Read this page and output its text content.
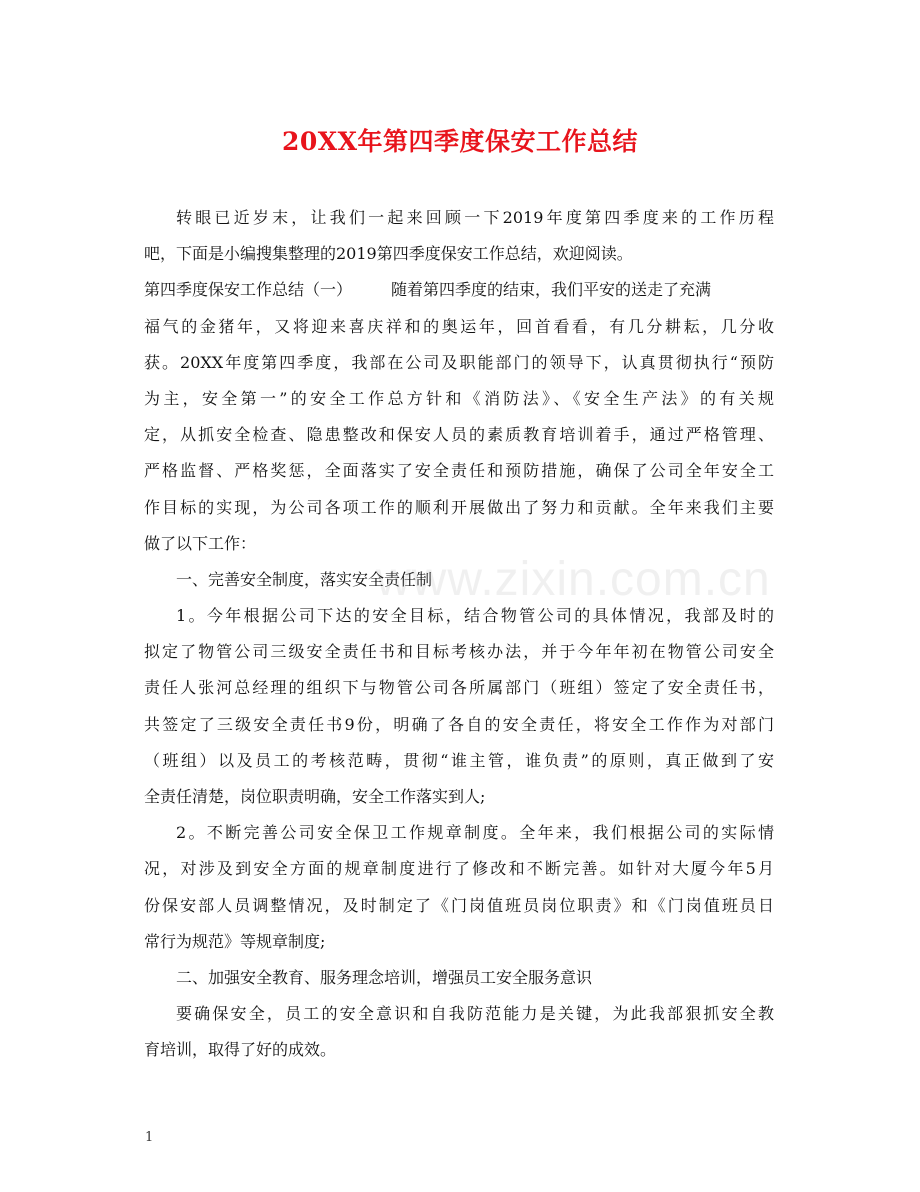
20XX年第四季度保安工作总结
转眼已近岁末，让我们一起来回顾一下2019年度第四季度来的工作历程
吧，下面是小编搜集整理的2019第四季度保安工作总结，欢迎阅读。
第四季度保安工作总结（一）	随着第四季度的结束，我们平安的送走了充满
福气的金猪年，又将迎来喜庆祥和的奥运年，回首看看，有几分耕耘，几分收
获。20XX年度第四季度，我部在公司及职能部门的领导下，认真贯彻执行“预防
为主，安全第一”的安全工作总方针和《消防法》、《安全生产法》的有关规
定，从抓安全检查、隐患整改和保安人员的素质教育培训着手，通过严格管理、
严格监督、严格奖惩，全面落实了安全责任和预防措施，确保了公司全年安全工
作目标的实现，为公司各项工作的顺利开展做出了努力和贡献。全年来我们主要
做了以下工作：
一、完善安全制度，落实安全责任制
1。今年根据公司下达的安全目标，结合物管公司的具体情况，我部及时的
拟定了物管公司三级安全责任书和目标考核办法，并于今年年初在物管公司安全
责任人张河总经理的组织下与物管公司各所属部门（班组）签定了安全责任书，
共签定了三级安全责任书9份，明确了各自的安全责任，将安全工作作为对部门
（班组）以及员工的考核范畴，贯彻“谁主管，谁负责”的原则，真正做到了安
全责任清楚，岗位职责明确，安全工作落实到人;
2。不断完善公司安全保卫工作规章制度。全年来，我们根据公司的实际情
况，对涉及到安全方面的规章制度进行了修改和不断完善。如针对大厦今年5月
份保安部人员调整情况，及时制定了《门岗值班员岗位职责》和《门岗值班员日
常行为规范》等规章制度;
二、加强安全教育、服务理念培训，增强员工安全服务意识
要确保安全，员工的安全意识和自我防范能力是关键，为此我部狠抓安全教
育培训，取得了好的成效。
www.zixin.com.cn
1
